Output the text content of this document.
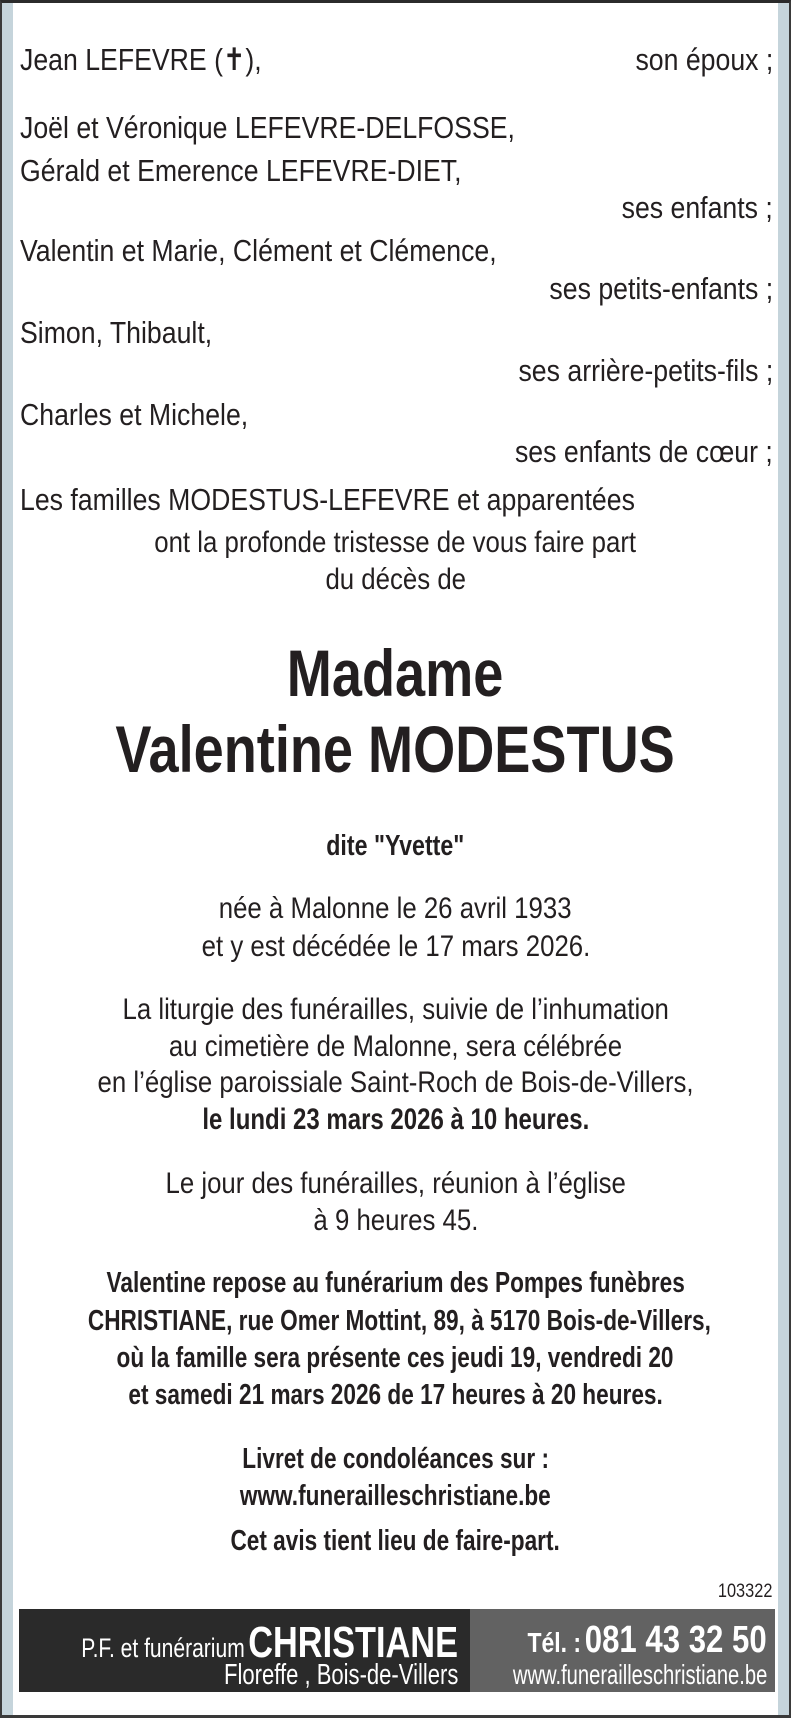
Jean LEFEVRE (✝),	son époux ;
Joël et Véronique LEFEVRE-DELFOSSE,
Gérald et Emerence LEFEVRE-DIET,
ses enfants ;
Valentin et Marie, Clément et Clémence,
ses petits-enfants ;
Simon, Thibault,
ses arrière-petits-fils ;
Charles et Michele,
ses enfants de cœur ;
Les familles MODESTUS-LEFEVRE et apparentées
ont la profonde tristesse de vous faire part
du décès de
Madame
Valentine MODESTUS
dite "Yvette"
née à Malonne le 26 avril 1933
et y est décédée le 17 mars 2026.
La liturgie des funérailles, suivie de l’inhumation
au cimetière de Malonne, sera célébrée
en l’église paroissiale Saint-Roch de Bois-de-Villers,
le lundi 23 mars 2026 à 10 heures.
Le jour des funérailles, réunion à l’église
à 9 heures 45.
Valentine repose au funérarium des Pompes funèbres
CHRISTIANE, rue Omer Mottint, 89, à 5170 Bois-de-Villers,
où la famille sera présente ces jeudi 19, vendredi 20
et samedi 21 mars 2026 de 17 heures à 20 heures.
Livret de condoléances sur :
www.funerailleschristiane.be
Cet avis tient lieu de faire-part.
103322
P.F. et funérarium CHRISTIANE
Floreffe , Bois-de-Villers
Tél. : 081 43 32 50
www.funerailleschristiane.be
